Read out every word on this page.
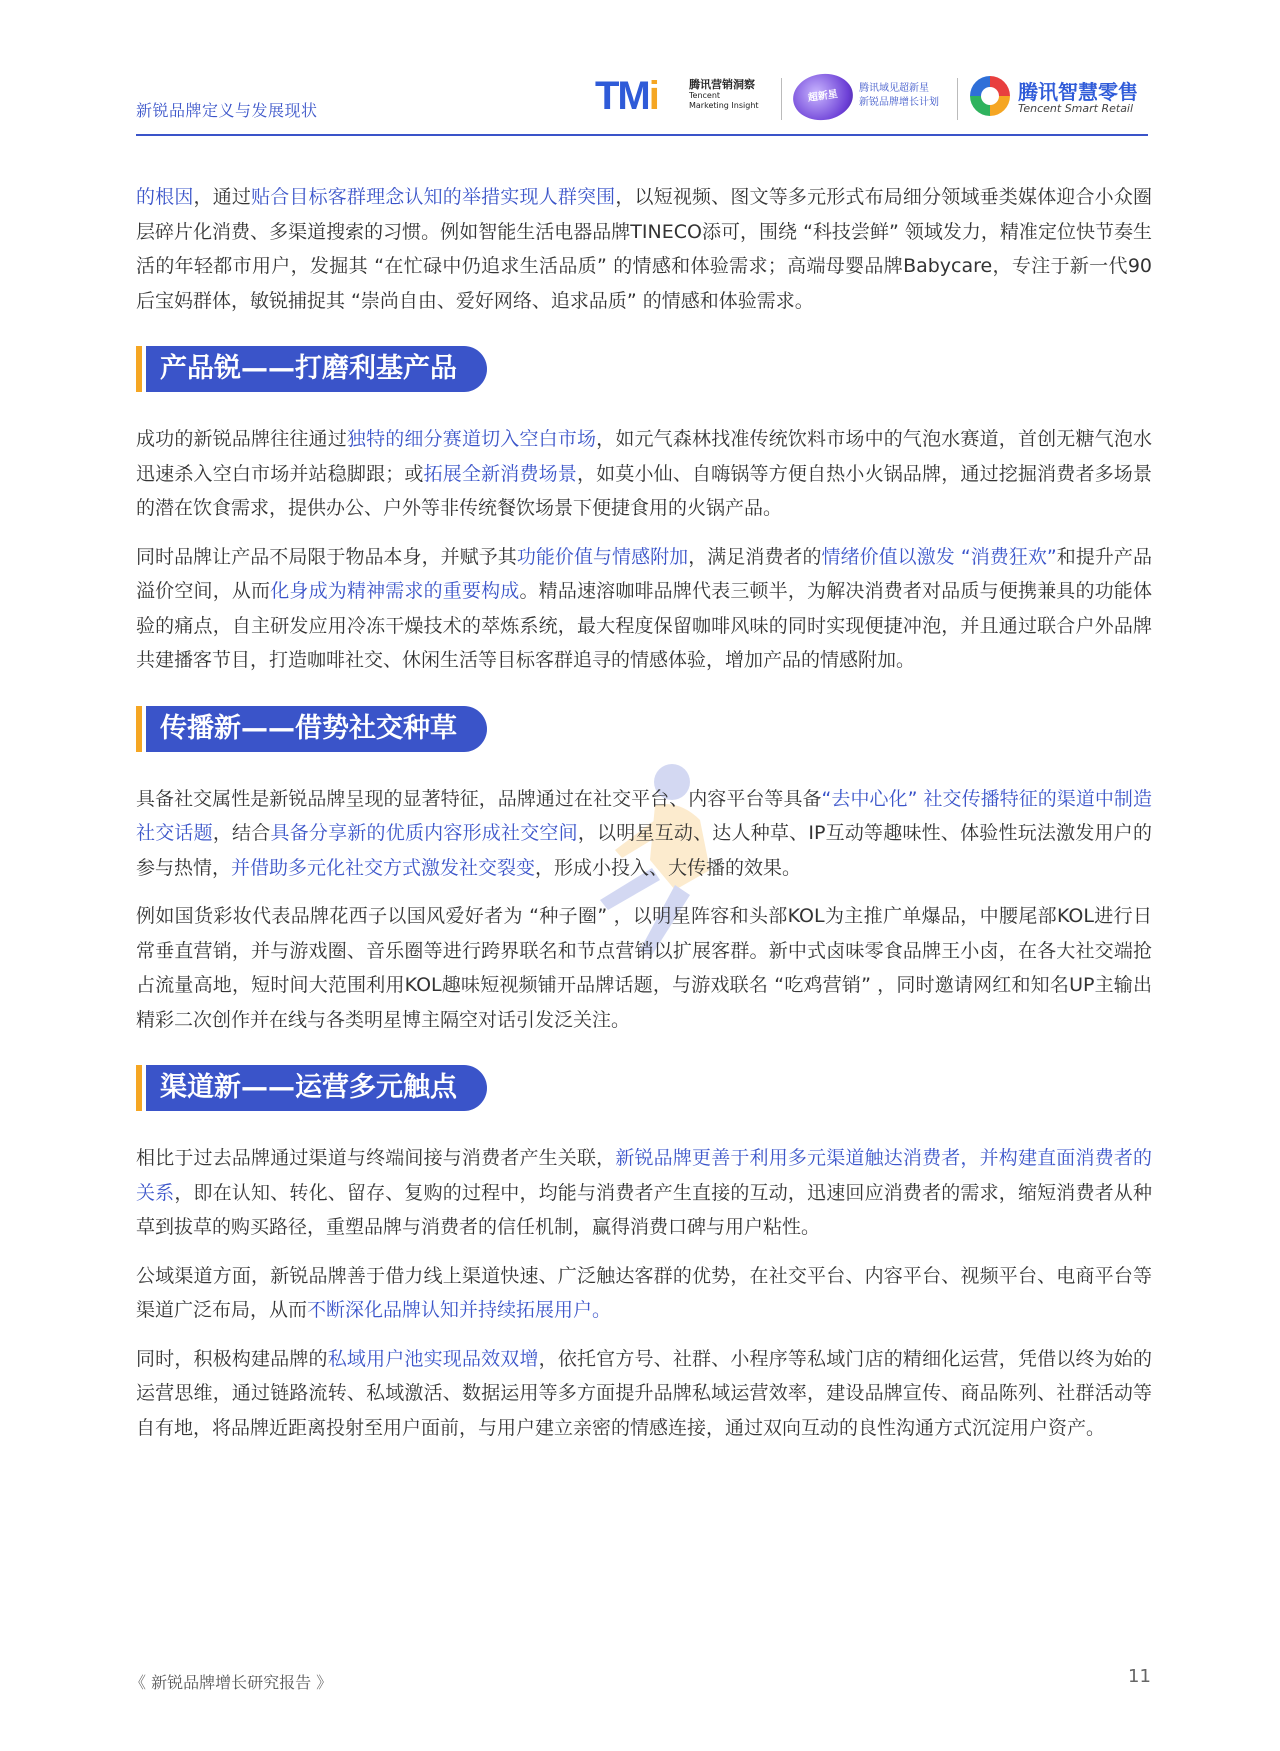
新锐品牌定义与发展现状	TMi	腾讯营销洞察
Tencent
Marketing Insight
超新星
腾讯域见超新星
新锐品牌增长计划	腾讯智慧零售
Tencent Smart Retail

的根因，通过贴合目标客群理念认知的举措实现人群突围，以短视频、图文等多元形式布局细分领域垂类媒体迎合小众圈层碎片化消费、多渠道搜索的习惯。例如智能生活电器品牌TINECO添可，围绕 “科技尝鲜” 领域发力，精准定位快节奏生活的年轻都市用户，发掘其 “在忙碌中仍追求生活品质” 的情感和体验需求；高端母婴品牌Babycare，专注于新一代90后宝妈群体，敏锐捕捉其 “崇尚自由、爱好网络、追求品质” 的情感和体验需求。

产品锐——打磨利基产品

成功的新锐品牌往往通过独特的细分赛道切入空白市场，如元气森林找准传统饮料市场中的气泡水赛道，首创无糖气泡水迅速杀入空白市场并站稳脚跟；或拓展全新消费场景，如莫小仙、自嗨锅等方便自热小火锅品牌，通过挖掘消费者多场景的潜在饮食需求，提供办公、户外等非传统餐饮场景下便捷食用的火锅产品。

同时品牌让产品不局限于物品本身，并赋予其功能价值与情感附加，满足消费者的情绪价值以激发 “消费狂欢”和提升产品溢价空间，从而化身成为精神需求的重要构成。精品速溶咖啡品牌代表三顿半，为解决消费者对品质与便携兼具的功能体验的痛点，自主研发应用冷冻干燥技术的萃炼系统，最大程度保留咖啡风味的同时实现便捷冲泡，并且通过联合户外品牌共建播客节目，打造咖啡社交、休闲生活等目标客群追寻的情感体验，增加产品的情感附加。

传播新——借势社交种草

具备社交属性是新锐品牌呈现的显著特征，品牌通过在社交平台、内容平台等具备“去中心化” 社交传播特征的渠道中制造社交话题，结合具备分享新的优质内容形成社交空间，以明星互动、达人种草、IP互动等趣味性、体验性玩法激发用户的参与热情，并借助多元化社交方式激发社交裂变，形成小投入、大传播的效果。

例如国货彩妆代表品牌花西子以国风爱好者为 “种子圈” ，以明星阵容和头部KOL为主推广单爆品，中腰尾部KOL进行日常垂直营销，并与游戏圈、音乐圈等进行跨界联名和节点营销以扩展客群。新中式卤味零食品牌王小卤，在各大社交端抢占流量高地，短时间大范围利用KOL趣味短视频铺开品牌话题，与游戏联名 “吃鸡营销” ，同时邀请网红和知名UP主输出精彩二次创作并在线与各类明星博主隔空对话引发泛关注。

渠道新——运营多元触点

相比于过去品牌通过渠道与终端间接与消费者产生关联，新锐品牌更善于利用多元渠道触达消费者，并构建直面消费者的关系，即在认知、转化、留存、复购的过程中，均能与消费者产生直接的互动，迅速回应消费者的需求，缩短消费者从种草到拔草的购买路径，重塑品牌与消费者的信任机制，赢得消费口碑与用户粘性。

公域渠道方面，新锐品牌善于借力线上渠道快速、广泛触达客群的优势，在社交平台、内容平台、视频平台、电商平台等渠道广泛布局，从而不断深化品牌认知并持续拓展用户。

同时，积极构建品牌的私域用户池实现品效双增，依托官方号、社群、小程序等私域门店的精细化运营，凭借以终为始的运营思维，通过链路流转、私域激活、数据运用等多方面提升品牌私域运营效率，建设品牌宣传、商品陈列、社群活动等自有地，将品牌近距离投射至用户面前，与用户建立亲密的情感连接，通过双向互动的良性沟通方式沉淀用户资产。

《 新锐品牌增长研究报告 》	11
